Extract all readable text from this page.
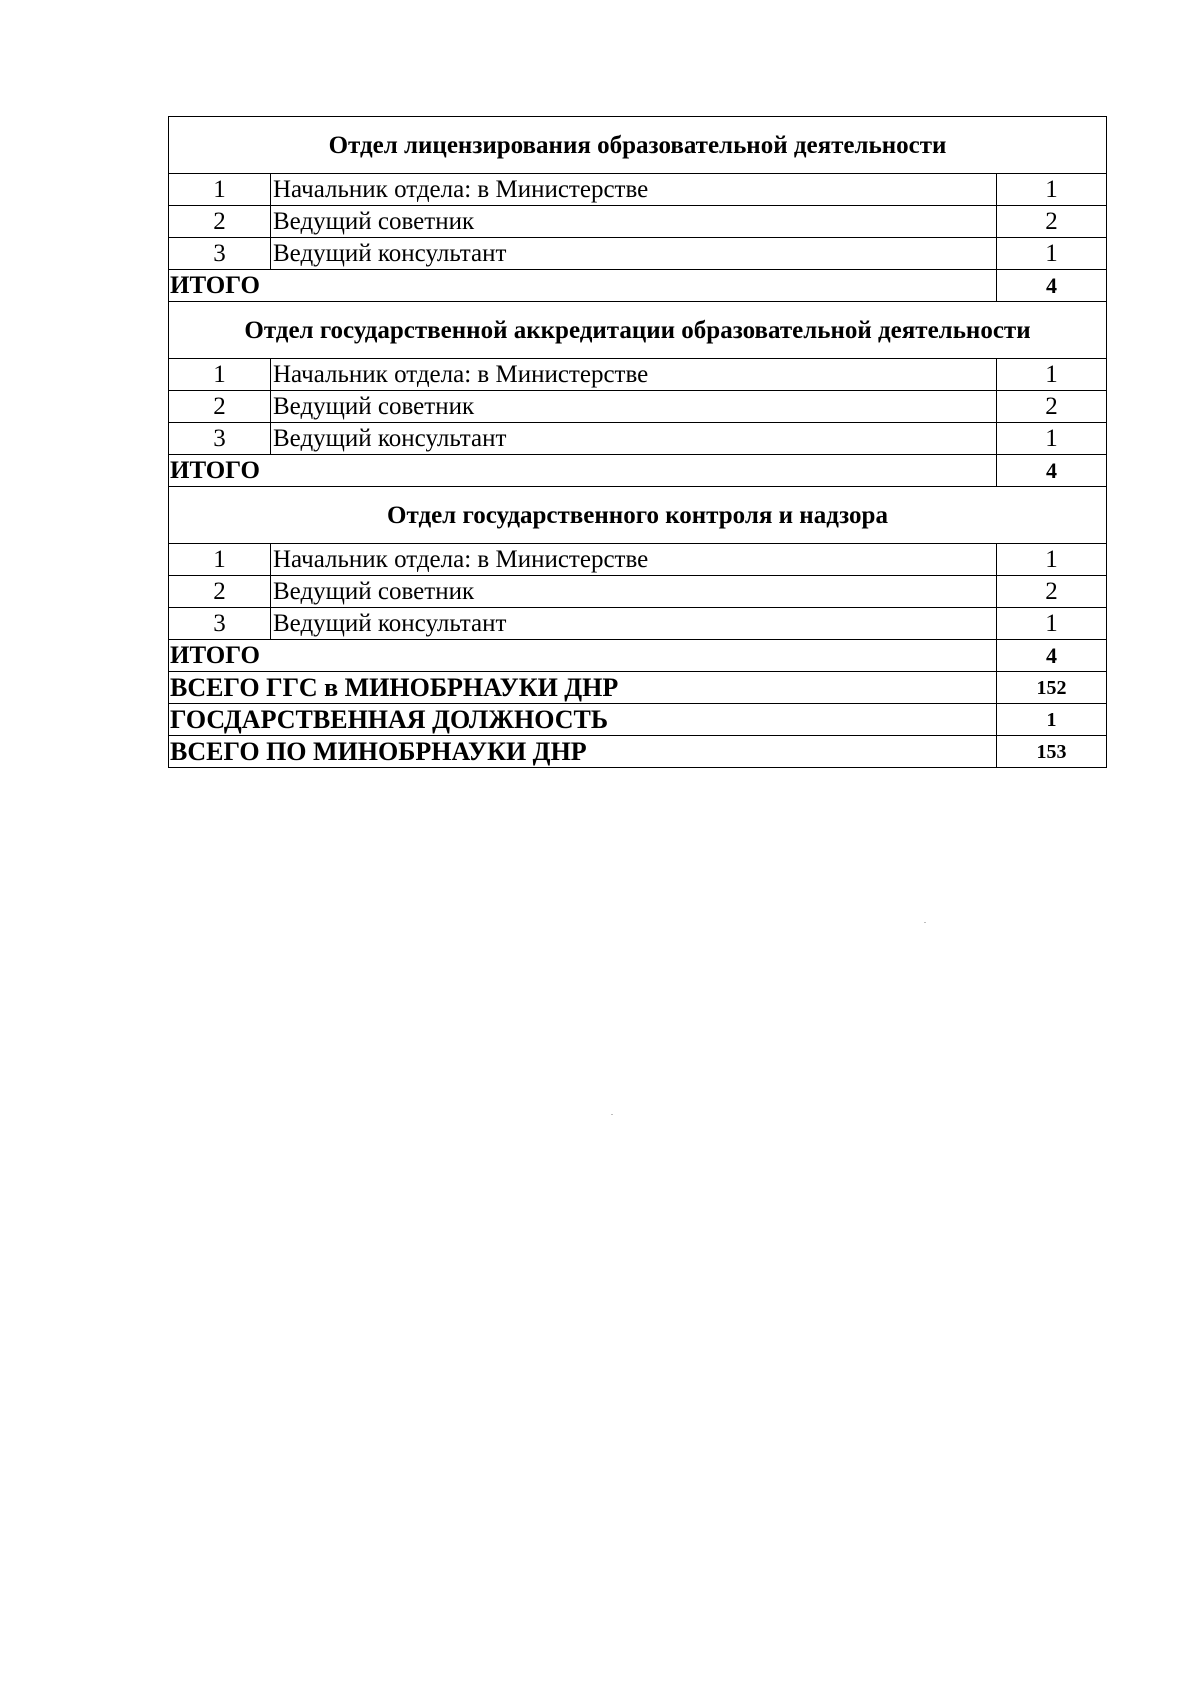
Отдел лицензирования образовательной деятельности		
1	Начальник отдела: в Министерстве	1
2	Ведущий советник	2
3	Ведущий консультант	1
ИТОГО		4
Отдел государственной аккредитации образовательной деятельности		
1	Начальник отдела: в Министерстве	1
2	Ведущий советник	2
3	Ведущий консультант	1
ИТОГО		4
Отдел государственного контроля и надзора		
1	Начальник отдела: в Министерстве	1
2	Ведущий советник	2
3	Ведущий консультант	1
ИТОГО		4
ВСЕГО ГГС в МИНОБРНАУКИ ДНР		152
ГОСДАРСТВЕННАЯ ДОЛЖНОСТЬ		1
ВСЕГО ПО МИНОБРНАУКИ ДНР		153
